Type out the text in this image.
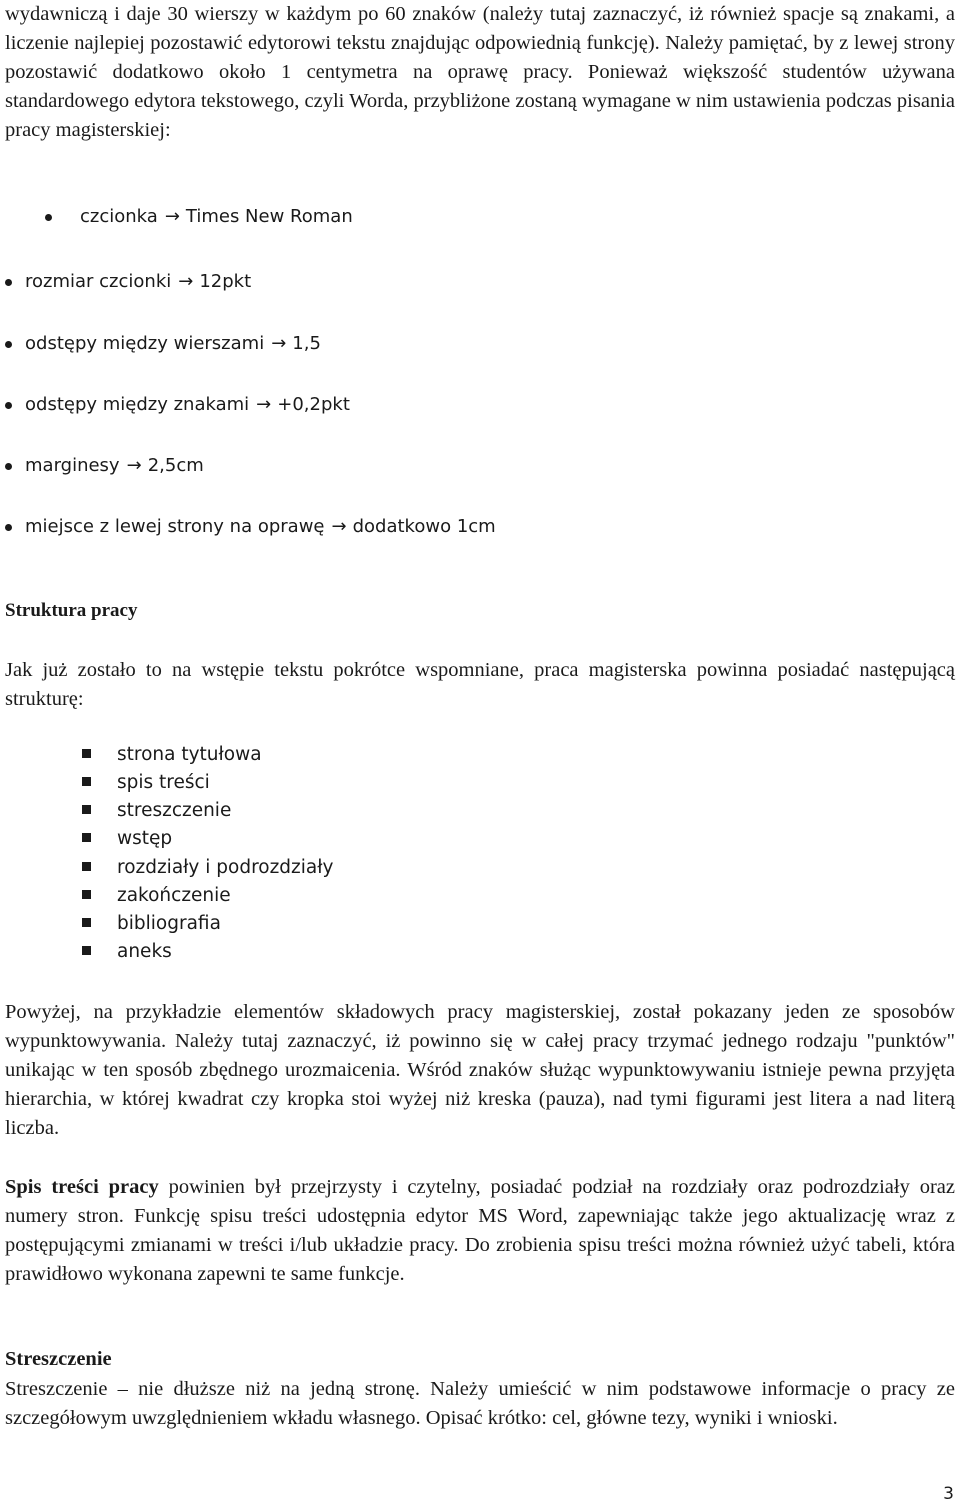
wydawniczą i daje 30 wierszy w każdym po 60 znaków (należy tutaj zaznaczyć, iż również spacje są znakami, a liczenie najlepiej pozostawić edytorowi tekstu znajdując odpowiednią funkcję). Należy pamiętać, by z lewej strony pozostawić dodatkowo około 1 centymetra na oprawę pracy. Ponieważ większość studentów używana standardowego edytora tekstowego, czyli Worda, przybliżone zostaną wymagane w nim ustawienia podczas pisania pracy magisterskiej:

czcionka → Times New Roman
rozmiar czcionki → 12pkt
odstępy między wierszami → 1,5
odstępy między znakami → +0,2pkt
marginesy → 2,5cm
miejsce z lewej strony na oprawę → dodatkowo 1cm
Struktura pracy

Jak już zostało to na wstępie tekstu pokrótce wspomniane, praca magisterska powinna posiadać następującą strukturę:

strona tytułowa
spis treści
streszczenie
wstęp
rozdziały i podrozdziały
zakończenie
bibliografia
aneks

Powyżej, na przykładzie elementów składowych pracy magisterskiej, został pokazany jeden ze sposobów wypunktowywania. Należy tutaj zaznaczyć, iż powinno się w całej pracy trzymać jednego rodzaju "punktów" unikając w ten sposób zbędnego urozmaicenia. Wśród znaków służąc wypunktowywaniu istnieje pewna przyjęta hierarchia, w której kwadrat czy kropka stoi wyżej niż kreska (pauza), nad tymi figurami jest litera a nad literą liczba.

Spis treści pracy powinien był przejrzysty i czytelny, posiadać podział na rozdziały oraz podrozdziały oraz numery stron. Funkcję spisu treści udostępnia edytor MS Word, zapewniając także jego aktualizację wraz z postępującymi zmianami w treści i/lub układzie pracy. Do zrobienia spisu treści można również użyć tabeli, która prawidłowo wykonana zapewni te same funkcje.

Streszczenie

Streszczenie – nie dłuższe niż na jedną stronę. Należy umieścić w nim podstawowe informacje o pracy ze szczegółowym uwzględnieniem wkładu własnego. Opisać krótko: cel, główne tezy, wyniki i wnioski.

3
